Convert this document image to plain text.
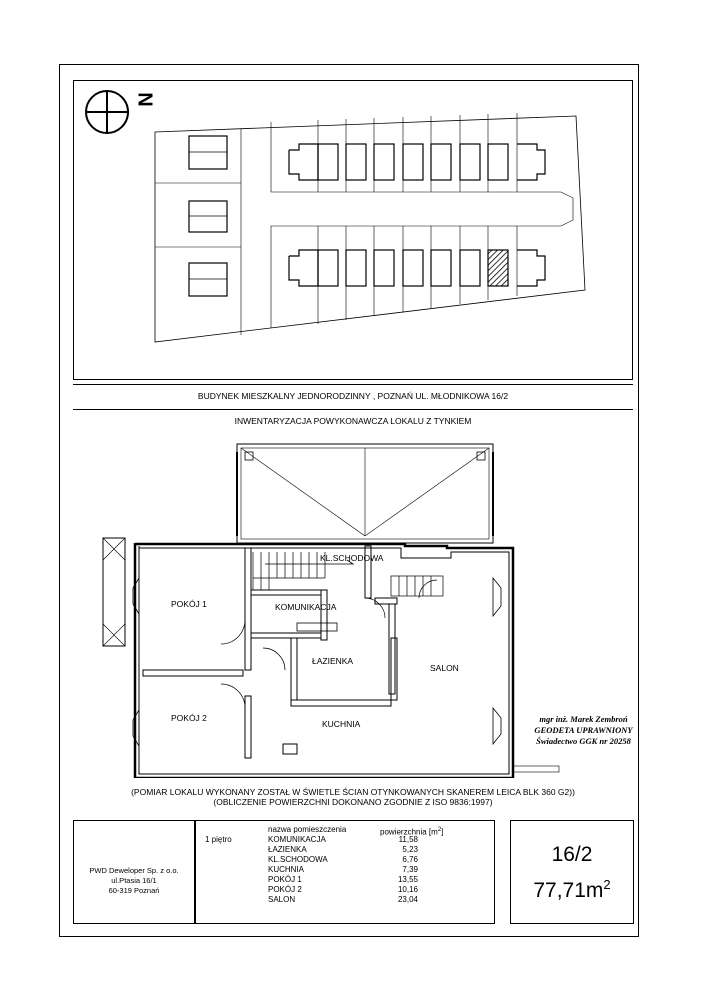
N
BUDYNEK MIESZKALNY JEDNORODZINNY , POZNAŃ UL. MŁODNIKOWA 16/2
INWENTARYZACJA POWYKONAWCZA LOKALU Z TYNKIEM
POKÓJ 1
POKÓJ 2
KOMUNIKACJA
KL.SCHODOWA
ŁAZIENKA
KUCHNIA
SALON
mgr inż. Marek Zembroń
GEODETA UPRAWNIONY
Świadectwo GGK nr 20258
(POMIAR LOKALU WYKONANY ZOSTAŁ W ŚWIETLE ŚCIAN OTYNKOWANYCH SKANEREM LEICA BLK 360 G2))
(OBLICZENIE POWIERZCHNI DOKONANO ZGODNIE Z ISO 9836:1997)
PWD Deweloper Sp. z o.o.
ul.Ptasia 16/1
60-319 Poznań
1 piętro
nazwa pomieszczenia	powierzchnia $[m^2]$
KOMUNIKACJA	11,58
ŁAZIENKA	5,23
KL.SCHODOWA	6,76
KUCHNIA	7,39
POKÓJ 1	13,55
POKÓJ 2	10,16
SALON	23,04
16/2
$77,71m^2$
